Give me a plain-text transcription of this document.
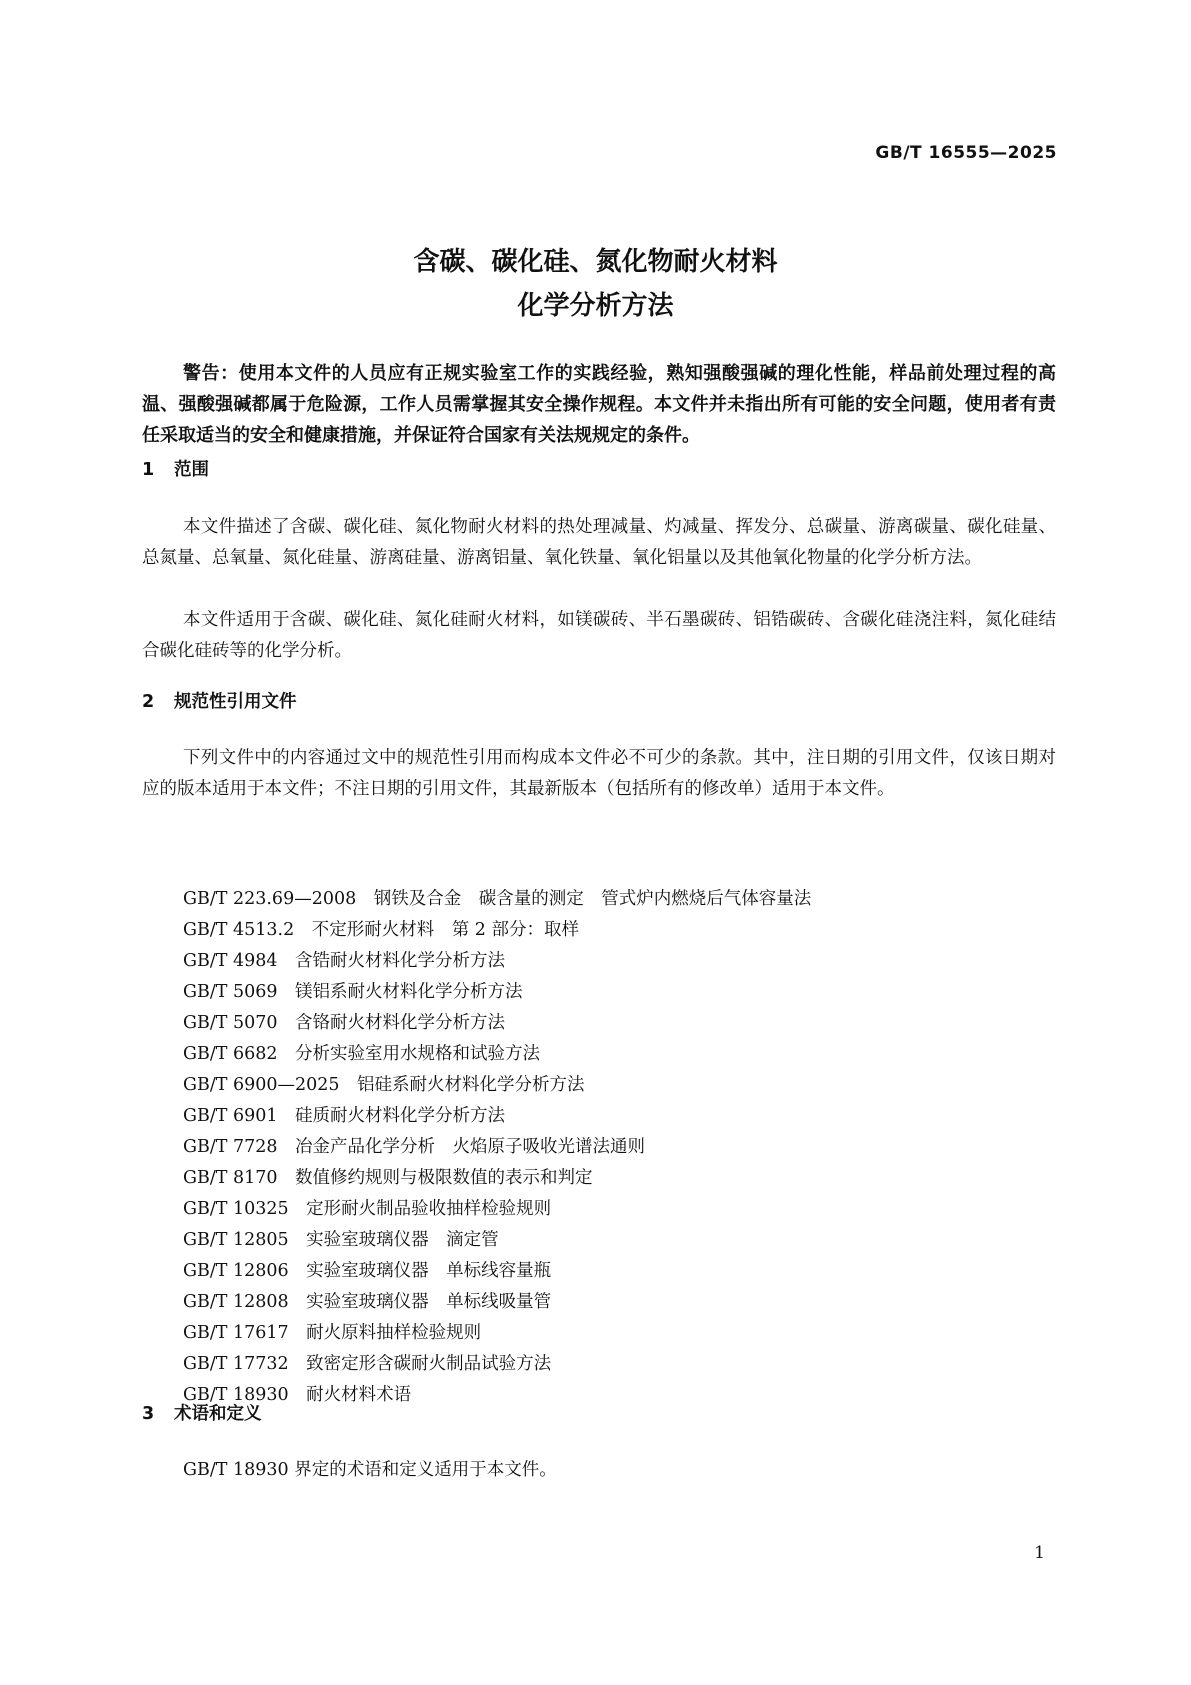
GB/T 16555—2025
含碳、碳化硅、氮化物耐火材料
化学分析方法

警告：使用本文件的人员应有正规实验室工作的实践经验，熟知强酸强碱的理化性能，样品前处理过程的高温、强酸强碱都属于危险源，工作人员需掌握其安全操作规程。本文件并未指出所有可能的安全问题，使用者有责任采取适当的安全和健康措施，并保证符合国家有关法规规定的条件。

1 范围

本文件描述了含碳、碳化硅、氮化物耐火材料的热处理减量、灼减量、挥发分、总碳量、游离碳量、碳化硅量、总氮量、总氧量、氮化硅量、游离硅量、游离铝量、氧化铁量、氧化铝量以及其他氧化物量的化学分析方法。

本文件适用于含碳、碳化硅、氮化硅耐火材料，如镁碳砖、半石墨碳砖、铝锆碳砖、含碳化硅浇注料，氮化硅结合碳化硅砖等的化学分析。

2 规范性引用文件

下列文件中的内容通过文中的规范性引用而构成本文件必不可少的条款。其中，注日期的引用文件，仅该日期对应的版本适用于本文件；不注日期的引用文件，其最新版本（包括所有的修改单）适用于本文件。

GB/T 223.69—2008　钢铁及合金　碳含量的测定　管式炉内燃烧后气体容量法
GB/T 4513.2　不定形耐火材料　第 2 部分：取样
GB/T 4984　含锆耐火材料化学分析方法
GB/T 5069　镁铝系耐火材料化学分析方法
GB/T 5070　含铬耐火材料化学分析方法
GB/T 6682　分析实验室用水规格和试验方法
GB/T 6900—2025　铝硅系耐火材料化学分析方法
GB/T 6901　硅质耐火材料化学分析方法
GB/T 7728　冶金产品化学分析　火焰原子吸收光谱法通则
GB/T 8170　数值修约规则与极限数值的表示和判定
GB/T 10325　定形耐火制品验收抽样检验规则
GB/T 12805　实验室玻璃仪器　滴定管
GB/T 12806　实验室玻璃仪器　单标线容量瓶
GB/T 12808　实验室玻璃仪器　单标线吸量管
GB/T 17617　耐火原料抽样检验规则
GB/T 17732　致密定形含碳耐火制品试验方法
GB/T 18930　耐火材料术语
3 术语和定义

GB/T 18930 界定的术语和定义适用于本文件。

1
